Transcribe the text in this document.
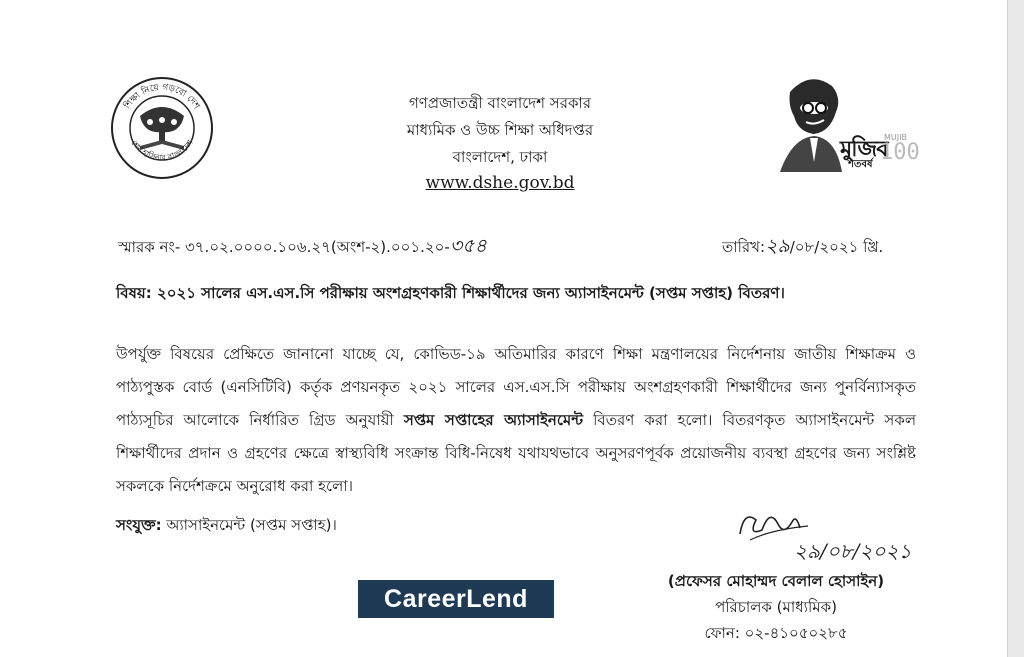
শিক্ষা নিয়ে গড়বো দেশ
শেখ হাসিনার বাংলাদেশ
গণপ্রজাতন্ত্রী বাংলাদেশ সরকার
মাধ্যমিক ও উচ্চ শিক্ষা অধিদপ্তর
বাংলাদেশ, ঢাকা
www.dshe.gov.bd
মুজিব
শতবর্ষ
MUJIB
100
স্মারক নং- ৩৭.০২.০০০০.১০৬.২৭(অংশ-২).০০১.২০-৩৫৪	তারিখ:২৯/০৮/২০২১ খ্রি.
বিষয়: ২০২১ সালের এস.এস.সি পরীক্ষায় অংশগ্রহণকারী শিক্ষার্থীদের জন্য অ্যাসাইনমেন্ট (সপ্তম সপ্তাহ) বিতরণ।
উপর্যুক্ত বিষয়ের প্রেক্ষিতে জানানো যাচ্ছে যে, কোভিড-১৯ অতিমারির কারণে শিক্ষা মন্ত্রণালয়ের নির্দেশনায় জাতীয় শিক্ষাক্রম ও পাঠ্যপুস্তক বোর্ড (এনসিটিবি) কর্তৃক প্রণয়নকৃত ২০২১ সালের এস.এস.সি পরীক্ষায় অংশগ্রহণকারী শিক্ষার্থীদের জন্য পুনর্বিন্যাসকৃত পাঠ্যসূচির আলোকে নির্ধারিত গ্রিড অনুযায়ী সপ্তম সপ্তাহের অ্যাসাইনমেন্ট বিতরণ করা হলো। বিতরণকৃত অ্যাসাইনমেন্ট সকল শিক্ষার্থীদের প্রদান ও গ্রহণের ক্ষেত্রে স্বাস্থ্যবিধি সংক্রান্ত বিধি-নিষেধ যথাযথভাবে অনুসরণপূর্বক প্রয়োজনীয় ব্যবস্থা গ্রহণের জন্য সংশ্লিষ্ট সকলকে নির্দেশক্রমে অনুরোধ করা হলো।
সংযুক্ত: অ্যাসাইনমেন্ট (সপ্তম সপ্তাহ)।
২৯/০৮/২০২১
(প্রফেসর মোহাম্মদ বেলাল হোসাইন)
পরিচালক (মাধ্যমিক)
ফোন: ০২-৪১০৫০২৮৫
CareerLend
